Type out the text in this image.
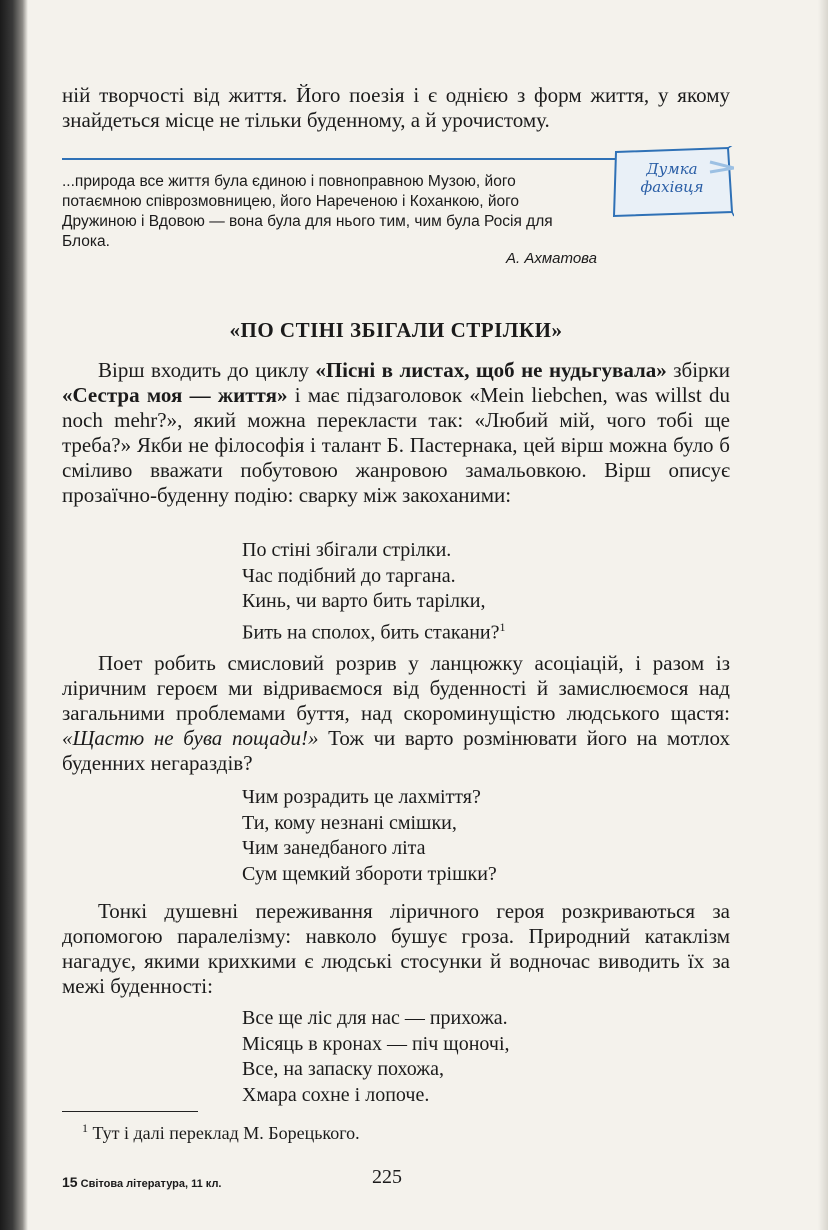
ній творчості від життя. Його поезія і є однією з форм життя, у якому знайдеться місце не тільки буденному, а й урочистому.

...природа все життя була єдиною і повноправною Музою, його потаємною співрозмовницею, його Нареченою і Коханкою, його Дружиною і Вдовою — вона була для нього тим, чим була Росія для Блока.
А. Ахматова
Думка
фахівця
«ПО СТІНІ ЗБІГАЛИ СТРІЛКИ»

Вірш входить до циклу «Пісні в листах, щоб не нудьгувала» збірки «Сестра моя — життя» і має підзаголовок «Mein liebchen, was willst du noch mehr?», який можна перекласти так: «Любий мій, чого тобі ще треба?» Якби не філософія і талант Б. Пастернака, цей вірш можна було б сміливо вважати побутовою жанровою замальовкою. Вірш описує прозаїчно-буденну подію: сварку між закоханими:

По стіні збігали стрілки.
Час подібний до таргана.
Кинь, чи варто бить тарілки,
Бить на сполох, бить стакани?$^1$

Поет робить смисловий розрив у ланцюжку асоціацій, і разом із ліричним героєм ми відриваємося від буденності й замислюємося над загальними проблемами буття, над скороминущістю людського щастя: «Щастю не бува пощади!» Тож чи варто розмінювати його на мотлох буденних негараздів?

Чим розрадить це лахміття?
Ти, кому незнані смішки,
Чим занедбаного літа
Сум щемкий збороти трішки?

Тонкі душевні переживання ліричного героя розкриваються за допомогою паралелізму: навколо бушує гроза. Природний катаклізм нагадує, якими крихкими є людські стосунки й водночас виводить їх за межі буденності:

Все ще ліс для нас — прихожа.
Місяць в кронах — піч щоночі,
Все, на запаску похожа,
Хмара сохне і лопоче.
$^1$ Тут і далі переклад М. Борецького.
15 Світова література, 11 кл.	225
